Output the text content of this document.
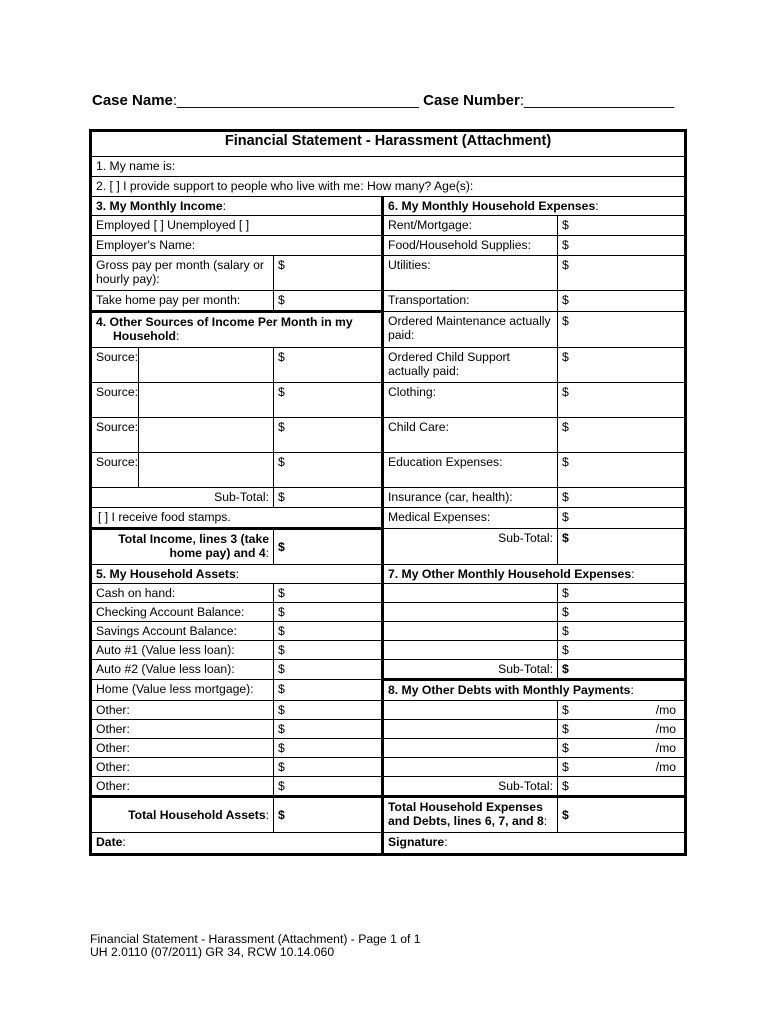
Case Name:_____________________________ Case Number:__________________
Financial Statement - Harassment (Attachment)				
1. My name is:				
2. [ ] I provide support to people who live with me: How many? Age(s):				
3. My Monthly Income:			6. My Monthly Household Expenses:	
Employed [ ] Unemployed [ ]			Rent/Mortgage:	$
Employer's Name:			Food/Household Supplies:	$
Gross pay per month (salary or hourly pay):		$	Utilities:	$
Take home pay per month:		$	Transportation:	$
4. Other Sources of Income Per Month in my
Household:			Ordered Maintenance actually paid:	$
Source:		$	Ordered Child Support actually paid:	$
Source:		$	Clothing:	$
Source:		$	Child Care:	$
Source:		$	Education Expenses:	$
Sub-Total:		$	Insurance (car, health):	$
[ ] I receive food stamps.			Medical Expenses:	$
Total Income, lines 3 (take home pay) and 4:		$	Sub-Total:	$
5. My Household Assets:			7. My Other Monthly Household Expenses:	
Cash on hand:		$		$
Checking Account Balance:		$		$
Savings Account Balance:		$		$
Auto #1 (Value less loan):		$		$
Auto #2 (Value less loan):		$	Sub-Total:	$
Home (Value less mortgage):		$	8. My Other Debts with Monthly Payments:	
Other:		$		$ /mo

Other:		$		$ /mo

Other:		$		$ /mo

Other:		$		$ /mo

Other:		$	Sub-Total:	$
Total Household Assets:		$	Total Household Expenses and Debts, lines 6, 7, and 8:	$
Date:			Signature:	
Financial Statement - Harassment (Attachment) - Page 1 of 1
UH 2.0110 (07/2011) GR 34, RCW 10.14.060
